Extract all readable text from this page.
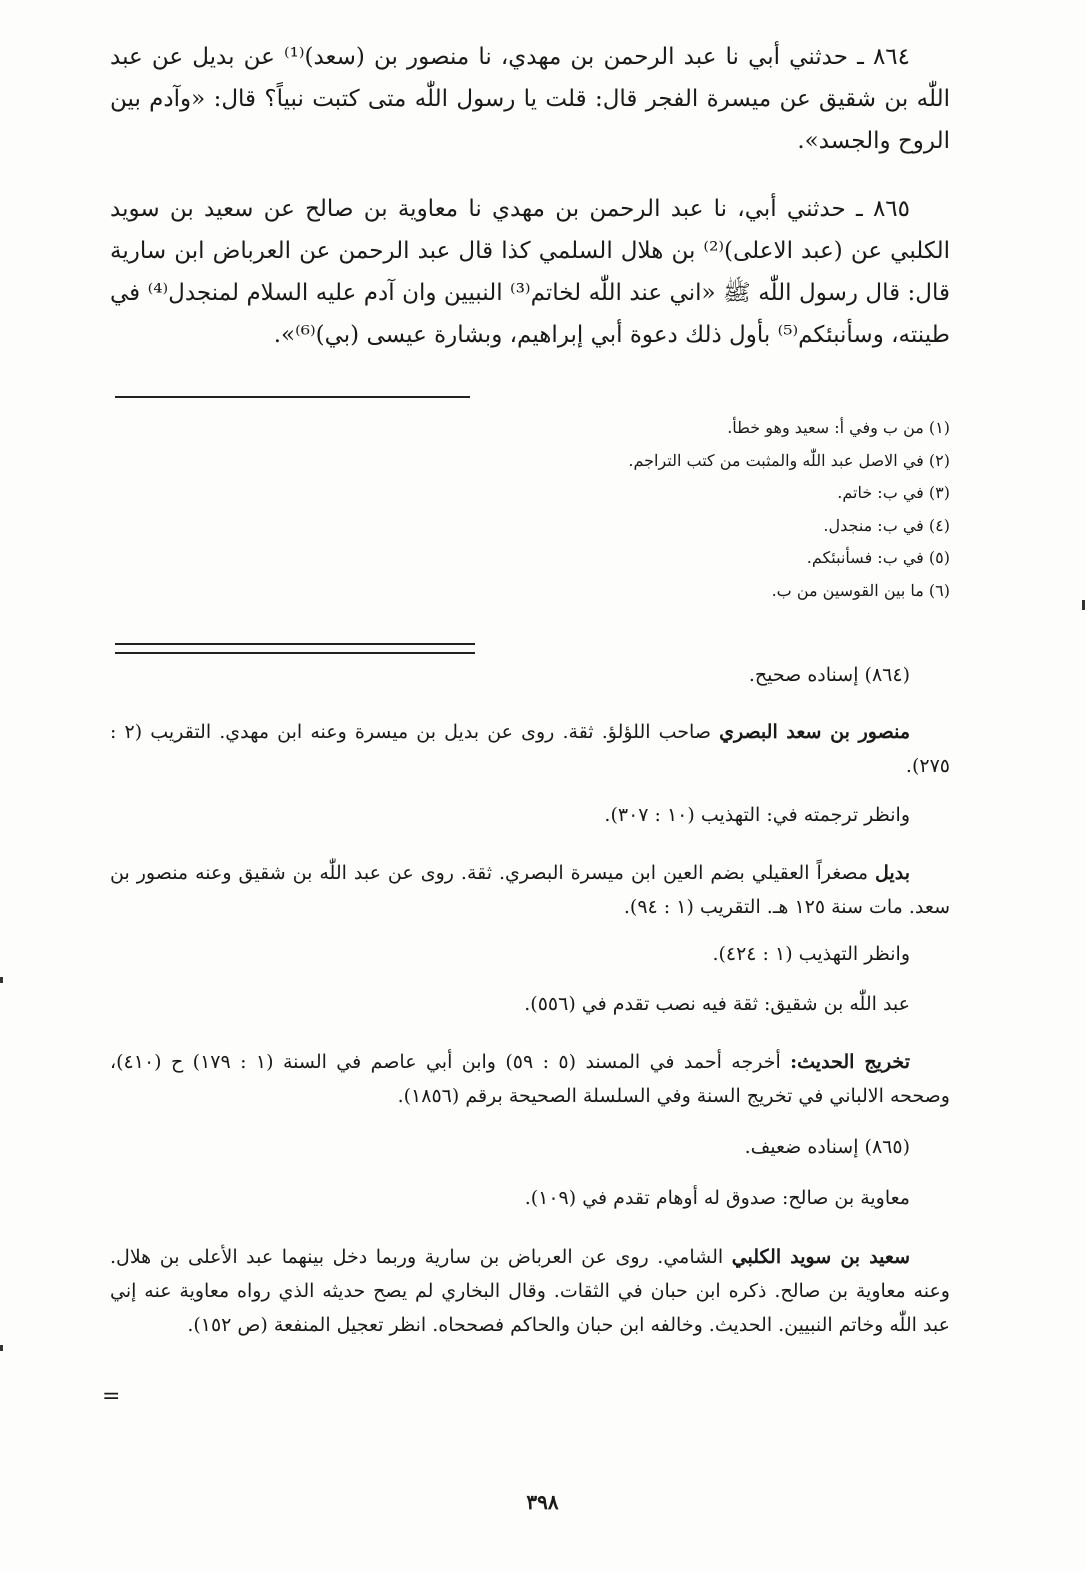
٨٦٤ ـ حدثني أبي نا عبد الرحمن بن مهدي، نا منصور بن (سعد)⁽¹⁾ عن بديل عن عبد اللّٰه بن شقيق عن ميسرة الفجر قال: قلت يا رسول اللّٰه متى كتبت نبياً؟ قال: «وآدم بين الروح والجسد».

٨٦٥ ـ حدثني أبي، نا عبد الرحمن بن مهدي نا معاوية بن صالح عن سعيد بن سويد الكلبي عن (عبد الاعلى)⁽²⁾ بن هلال السلمي كذا قال عبد الرحمن عن العرباض ابن سارية قال: قال رسول اللّٰه ﷺ «اني عند اللّٰه لخاتم⁽³⁾ النبيين وان آدم عليه السلام لمنجدل⁽⁴⁾ في طينته، وسأنبئكم⁽⁵⁾ بأول ذلك دعوة أبي إبراهيم، وبشارة عيسى (بي)⁽⁶⁾».

(١) من ب وفي أ: سعيد وهو خطأ.
(٢) في الاصل عبد اللّٰه والمثبت من كتب التراجم.
(٣) في ب: خاتم.
(٤) في ب: منجدل.
(٥) في ب: فسأنبئكم.
(٦) ما بين القوسين من ب.

(٨٦٤) إسناده صحيح.

منصور بن سعد البصري صاحب اللؤلؤ. ثقة. روى عن بديل بن ميسرة وعنه ابن مهدي. التقريب (٢ : ٢٧٥).

وانظر ترجمته في: التهذيب (١٠ : ٣٠٧).

بديل مصغراً العقيلي بضم العين ابن ميسرة البصري. ثقة. روى عن عبد اللّٰه بن شقيق وعنه منصور بن سعد. مات سنة ١٢٥ هـ. التقريب (١ : ٩٤).

وانظر التهذيب (١ : ٤٢٤).

عبد اللّٰه بن شقيق: ثقة فيه نصب تقدم في (٥٥٦).

تخريج الحديث: أخرجه أحمد في المسند (٥ : ٥٩) وابن أبي عاصم في السنة (١ : ١٧٩) ح (٤١٠)، وصححه الالباني في تخريج السنة وفي السلسلة الصحيحة برقم (١٨٥٦).

(٨٦٥) إسناده ضعيف.

معاوية بن صالح: صدوق له أوهام تقدم في (١٠٩).

سعيد بن سويد الكلبي الشامي. روى عن العرباض بن سارية وربما دخل بينهما عبد الأعلى بن هلال. وعنه معاوية بن صالح. ذكره ابن حبان في الثقات. وقال البخاري لم يصح حديثه الذي رواه معاوية عنه إني عبد اللّٰه وخاتم النبيين. الحديث. وخالفه ابن حبان والحاكم فصححاه. انظر تعجيل المنفعة (ص ١٥٢).

=
٣٩٨
